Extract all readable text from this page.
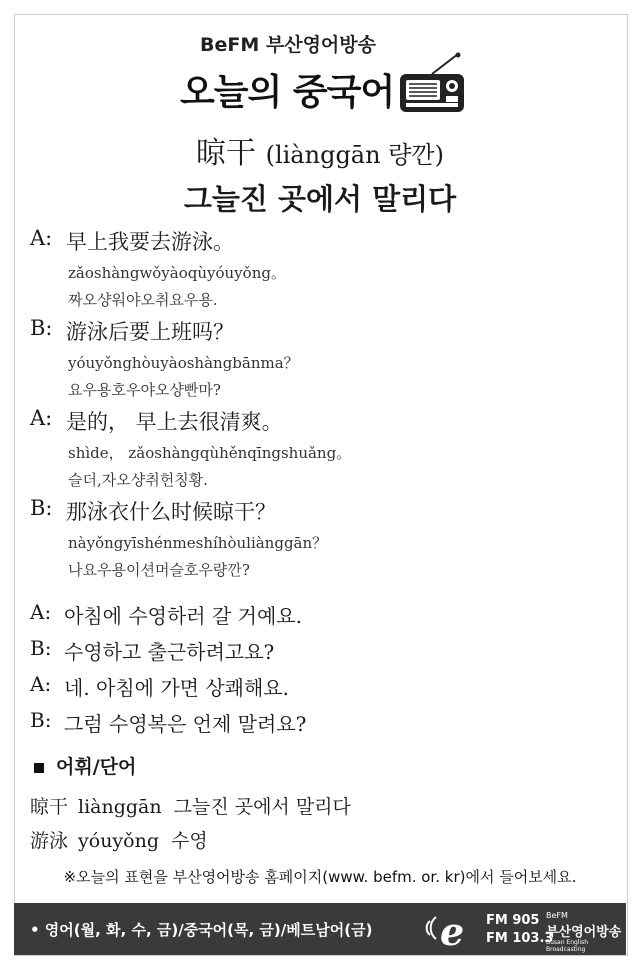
BeFM 부산영어방송
오늘의 중국어
晾干 (liànggān 량깐)
그늘진 곳에서 말리다
A: 早上我要去游泳。
zǎoshàngwǒyàoqùyóuyǒng。
짜오샹워야오취요우용.
B: 游泳后要上班吗？
yóuyǒnghòuyàoshàngbānma？
요우용호우야오샹빤마?
A: 是的， 早上去很清爽。
shìde， zǎoshàngqùhěnqīngshuǎng。
슬더,자오샹취헌칭황.
B: 那泳衣什么时候晾干？
nàyǒngyīshénmeshíhòuliànggān？
나요우용이션머슬호우량깐?
A: 아침에 수영하러 갈 거예요.
B: 수영하고 출근하려고요?
A: 네. 아침에 가면 상쾌해요.
B: 그럼 수영복은 언제 말려요?
어휘/단어
晾干 liànggān 그늘진 곳에서 말리다
游泳 yóuyǒng 수영
※오늘의 표현을 부산영어방송 홈페이지(www. befm. or. kr)에서 들어보세요.
• 영어(월, 화, 수, 금)/중국어(목, 금)/베트남어(금) e FM 905
FM 103.3
BeFM
부산영어방송
Busan English Broadcasting
